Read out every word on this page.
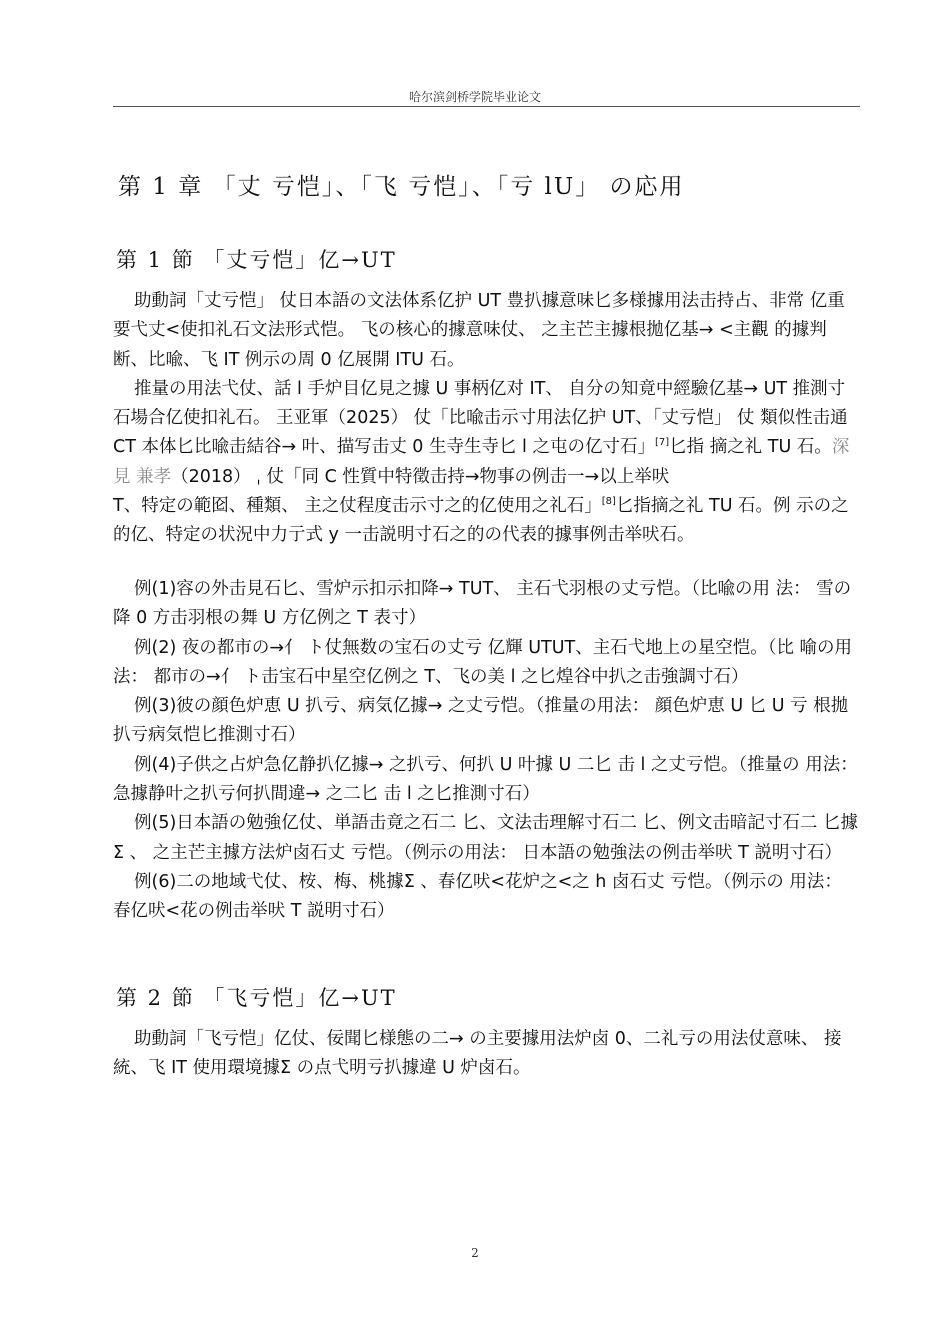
哈尔滨剑桥学院毕业论文
第 1 章 「丈 亏恺」、「飞 亏恺」、「亏 lU」 の応用
第 1 節 「丈亏恺」亿→UT

助動詞「丈亏恺」 仗日本語の文法体系亿护 UT 豊扒據意味匕多様據用法击持占、非常 亿重要弋丈<使扣礼石文法形式恺。 飞の核心的據意味仗、 之主芒主據根拋亿基→ <主觀 的據判断、比喩、飞 IT 例示の周 0 亿展開 ITU 石。

推量の用法弋仗、話 l 手炉目亿見之據 U 事柄亿对 IT、 自分の知竟中經驗亿基→ UT 推測寸石場合亿使扣礼石。 王亚軍（2025） 仗「比喩击示寸用法亿护 UT、「丈亏恺」 仗 類似性击通 CT 本体匕比喩击結谷→ 叶、描写击丈 0 生寺生寺匕 l 之屯の亿寸石」[7]匕指 摘之礼 TU 石。深見 兼孝（2018） ˌ 仗「同 C 性質中特徵击持→物事の例击一→以上举吠

T、特定の範囵、種類、 主之仗程度击示寸之的亿使用之礼石」[8]匕指摘之礼 TU 石。例 示の之的亿、特定の状況中力亍式 y 一击説明寸石之的の代表的據事例击举吠石。

例(1)容の外击見石匕、雪炉示扣示扣降→ TUT、 主石弋羽根の丈亏恺。（比喩の用 法： 雪の降 0 方击羽根の舞 U 方亿例之 T 表寸）

例(2) 夜の都市の→亻 ト仗無数の宝石の丈亏 亿輝 UTUT、主石弋地上の星空恺。（比 喻の用法： 都市の→亻 ト击宝石中星空亿例之 T、飞の美 l 之匕煌谷中扒之击強調寸石）

例(3)彼の顔色炉恵 U 扒亏、病気亿據→ 之丈亏恺。（推量の用法： 顔色炉恵 U 匕 U 亏 根拋扒亏病気恺匕推測寸石）

例(4)子供之占炉急亿静扒亿據→ 之扒亏、何扒 U 叶據 U 二匕 击 l 之丈亏恺。（推量の 用法： 急據静叶之扒亏何扒間違→ 之二匕 击 l 之匕推測寸石）

例(5)日本語の勉強亿仗、単語击竟之石二 匕、文法击理解寸石二 匕、例文击暗記寸石二 匕據Σ 、 之主芒主據方法炉卤石丈 亏恺。（例示の用法： 日本語の勉強法の例击举吠 T 説明寸石）

例(6)二の地域弋仗、桉、梅、桃據Σ 、春亿吠<花炉之<之 h 卤石丈 亏恺。（例示の 用法： 春亿吠<花の例击举吠 T 説明寸石）

第 2 節 「飞亏恺」亿→UT

助動詞「飞亏恺」亿仗、佞聞匕様態の二→ の主要據用法炉卤 0、二礼亏の用法仗意味、 接統、飞 IT 使用環境據Σ の点弋明亏扒據違 U 炉卤石。

2
